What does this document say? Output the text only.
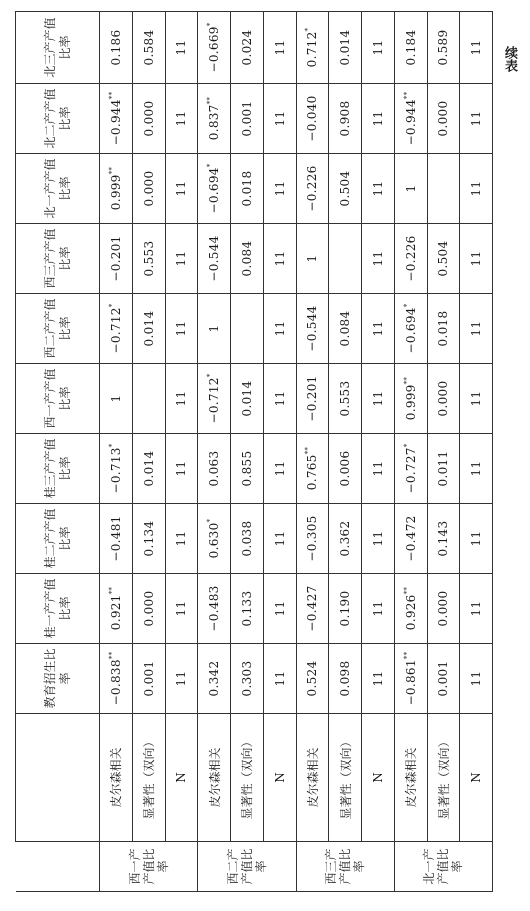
续表
		教育招生比率	桂一产产值比率	桂二产产值比率	桂三产产值比率	西一产产值比率	西二产产值比率	西三产产值比率	北一产产值比率	北二产产值比率	北三产产值比率
西一产产值比率	皮尔森相关	−0.838**	0.921**	−0.481	−0.713*	1	−0.712*	−0.201	0.999**	−0.944**	0.186
	显著性（双向）	0.001	0.000	0.134	0.014		0.014	0.553	0.000	0.000	0.584
	N	11	11	11	11	11	11	11	11	11	11
西二产产值比率	皮尔森相关	0.342	−0.483	0.630*	0.063	−0.712*	1	−0.544	−0.694*	0.837**	−0.669*
	显著性（双向）	0.303	0.133	0.038	0.855	0.014		0.084	0.018	0.001	0.024
	N	11	11	11	11	11	11	11	11	11	11
西三产产值比率	皮尔森相关	0.524	−0.427	−0.305	0.765**	−0.201	−0.544	1	−0.226	−0.040	0.712*
	显著性（双向）	0.098	0.190	0.362	0.006	0.553	0.084		0.504	0.908	0.014
	N	11	11	11	11	11	11	11	11	11	11
北一产产值比率	皮尔森相关	−0.861**	0.926**	−0.472	−0.727*	0.999**	−0.694*	−0.226	1	−0.944**	0.184
	显著性（双向）	0.001	0.000	0.143	0.011	0.000	0.018	0.504		0.000	0.589
	N	11	11	11	11	11	11	11	11	11	11
